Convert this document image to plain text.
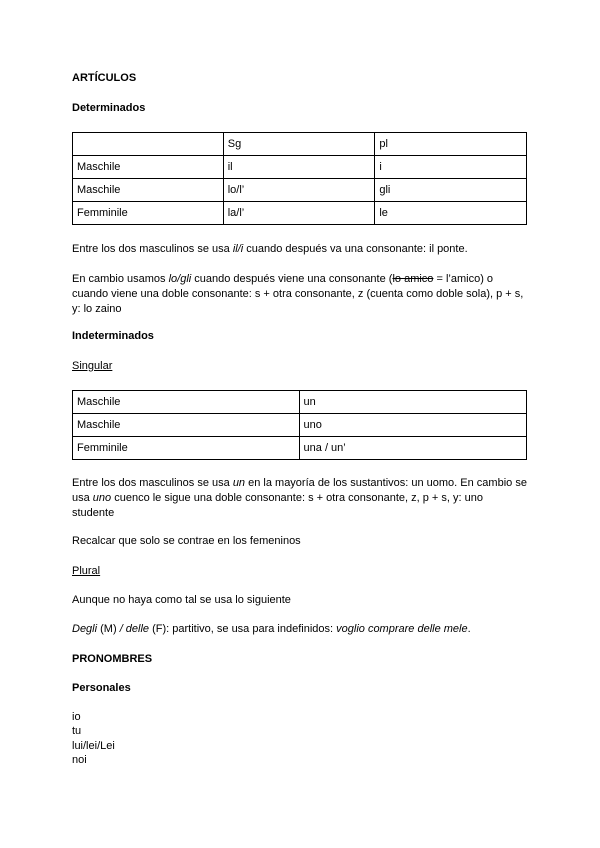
ARTÍCULOS
Determinados
	Sg	pl
Maschile	il	i
Maschile	lo/l’	gli
Femminile	la/l’	le
Entre los dos masculinos se usa il/i cuando después va una consonante: il ponte.
En cambio usamos lo/gli cuando después viene una consonante (lo amico = l’amico) o cuando viene una doble consonante: s + otra consonante, z (cuenta como doble sola), p + s, y: lo zaino
Indeterminados
Singular
Maschile	un
Maschile	uno
Femminile	una / un’
Entre los dos masculinos se usa un en la mayoría de los sustantivos: un uomo. En cambio se usa uno cuenco le sigue una doble consonante: s + otra consonante, z, p + s, y: uno studente
Recalcar que solo se contrae en los femeninos
Plural
Aunque no haya como tal se usa lo siguiente
Degli (M) / delle (F): partitivo, se usa para indefinidos: voglio comprare delle mele.
PRONOMBRES
Personales
io
tu
lui/lei/Lei
noi
